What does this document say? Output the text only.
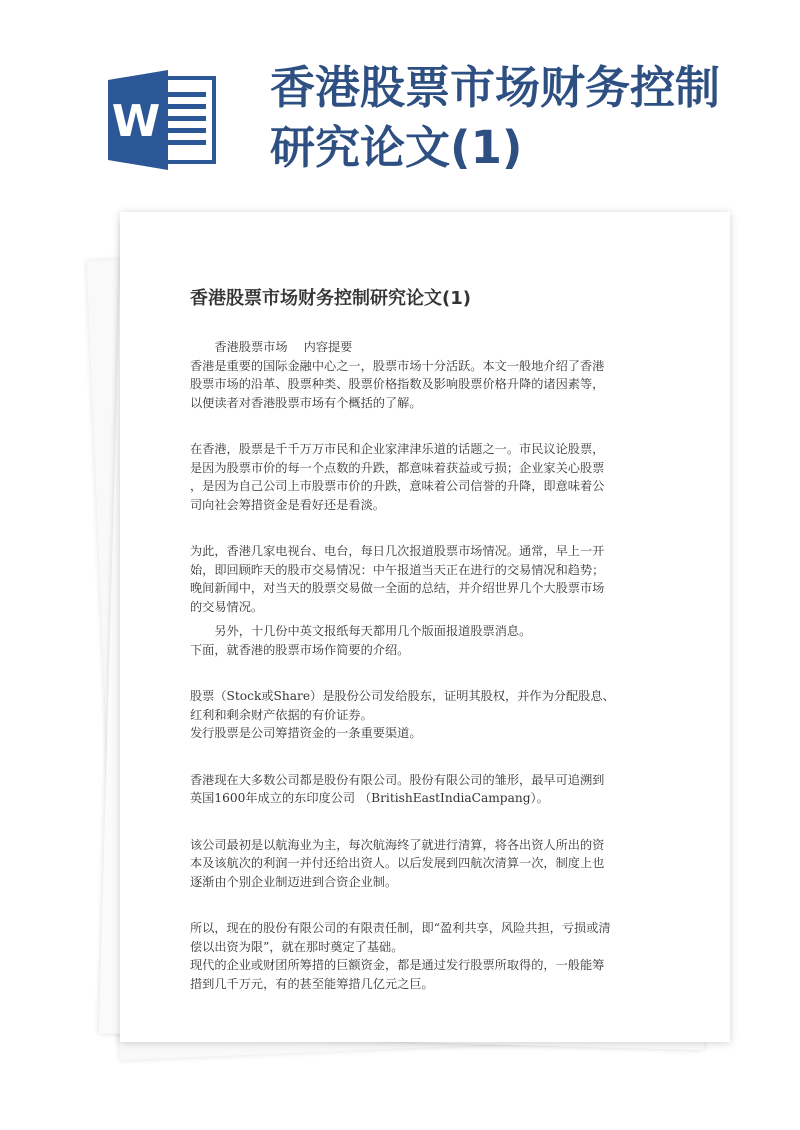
W
香港股票市场财务控制
研究论文(1)
香港股票市场财务控制研究论文(1)

香港股票市场　 内容提要

香港是重要的国际金融中心之一，股票市场十分活跃。本文一般地介绍了香港
股票市场的沿革、股票种类、股票价格指数及影响股票价格升降的诸因素等，
以便读者对香港股票市场有个概括的了解。

在香港，股票是千千万万市民和企业家津津乐道的话题之一。市民议论股票，
是因为股票市价的每一个点数的升跌，都意味着获益或亏损；企业家关心股票
，是因为自己公司上市股票市价的升跌，意味着公司信誉的升降，即意味着公
司向社会筹措资金是看好还是看淡。

为此，香港几家电视台、电台，每日几次报道股票市场情况。通常，早上一开
始，即回顾昨天的股市交易情况：中午报道当天正在进行的交易情况和趋势；
晚间新闻中，对当天的股票交易做一全面的总结，并介绍世界几个大股票市场
的交易情况。

另外，十几份中英文报纸每天都用几个版面报道股票消息。

下面，就香港的股票市场作简要的介绍。

股票（Stock或Share）是股份公司发给股东，证明其股权，并作为分配股息、
红利和剩余财产依据的有价证券。

发行股票是公司筹措资金的一条重要渠道。

香港现在大多数公司都是股份有限公司。股份有限公司的雏形，最早可追溯到
英国1600年成立的东印度公司 （BritishEastIndiaCampang）。

该公司最初是以航海业为主，每次航海终了就进行清算，将各出资人所出的资
本及该航次的利润一并付还给出资人。以后发展到四航次清算一次，制度上也
逐渐由个别企业制迈进到合资企业制。

所以，现在的股份有限公司的有限责任制，即“盈利共享，风险共担，亏损或清
偿以出资为限”，就在那时奠定了基础。

现代的企业或财团所筹措的巨额资金，都是通过发行股票所取得的，一般能筹
措到几千万元，有的甚至能筹措几亿元之巨。
